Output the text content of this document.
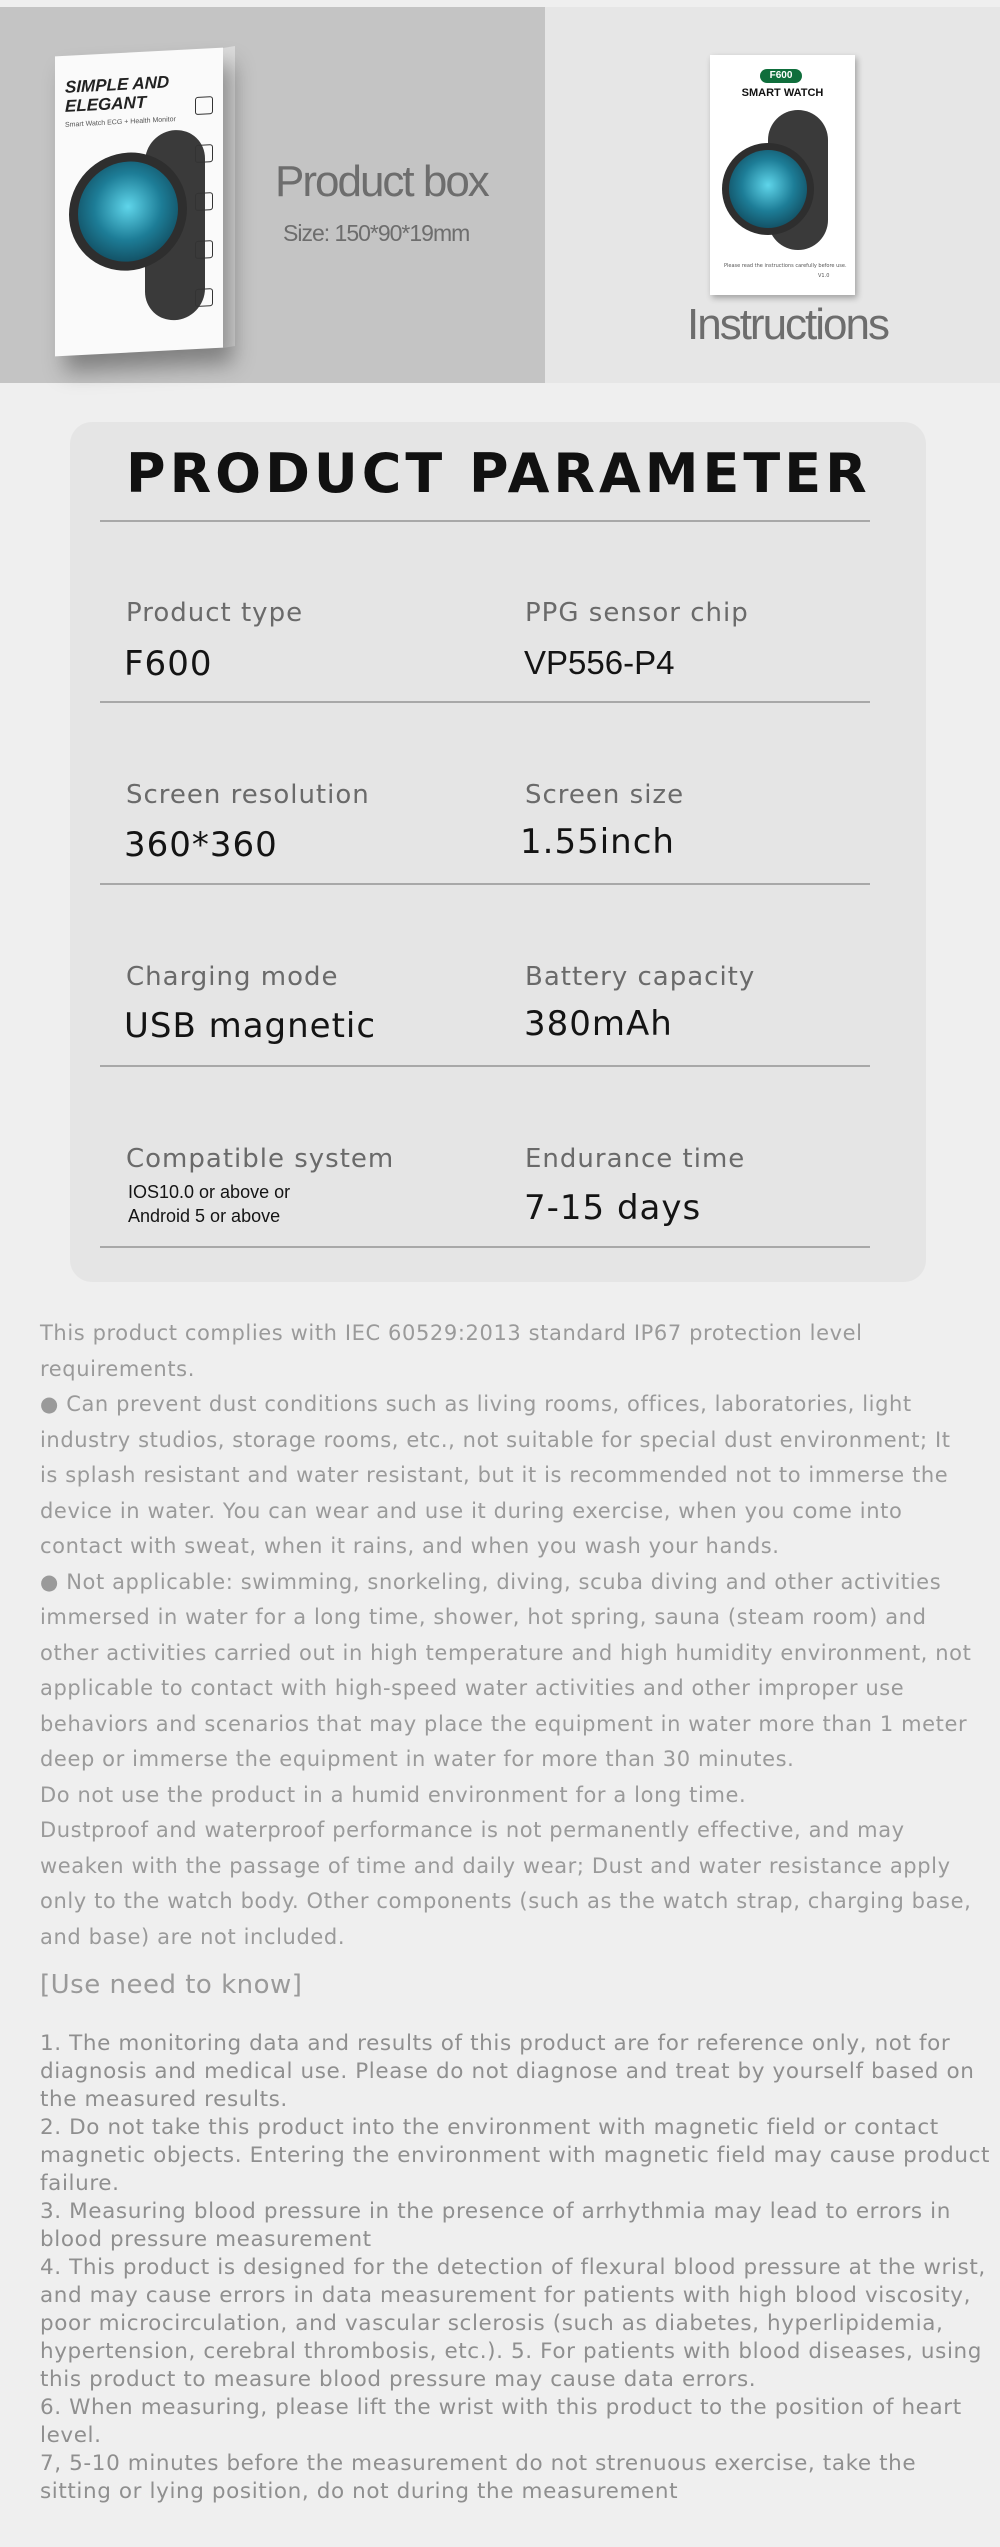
SIMPLE AND ELEGANT
Smart Watch ECG + Health Monitor
Product box
Size: 150*90*19mm
F600
SMART WATCH
Please read the instructions carefully before use.
V1.0
Instructions
PRODUCT PARAMETER
Product type
F600
PPG sensor chip
VP556-P4
Screen resolution
360*360
Screen size
1.55inch
Charging mode
USB magnetic
Battery capacity
380mAh
Compatible system
IOS10.0 or above or
Android 5 or above
Endurance time
7-15 days

This product complies with IEC 60529:2013 standard IP67 protection level requirements.

● Can prevent dust conditions such as living rooms, offices, laboratories, light industry studios, storage rooms, etc., not suitable for special dust environment; It is splash resistant and water resistant, but it is recommended not to immerse the device in water. You can wear and use it during exercise, when you come into contact with sweat, when it rains, and when you wash your hands.

● Not applicable: swimming, snorkeling, diving, scuba diving and other activities immersed in water for a long time, shower, hot spring, sauna (steam room) and other activities carried out in high temperature and high humidity environment, not applicable to contact with high-speed water activities and other improper use behaviors and scenarios that may place the equipment in water more than 1 meter deep or immerse the equipment in water for more than 30 minutes.

Do not use the product in a humid environment for a long time.

Dustproof and waterproof performance is not permanently effective, and may weaken with the passage of time and daily wear; Dust and water resistance apply only to the watch body. Other components (such as the watch strap, charging base, and base) are not included.

[Use need to know]

1. The monitoring data and results of this product are for reference only, not for diagnosis and medical use. Please do not diagnose and treat by yourself based on the measured results.

2. Do not take this product into the environment with magnetic field or contact magnetic objects. Entering the environment with magnetic field may cause product failure.

3. Measuring blood pressure in the presence of arrhythmia may lead to errors in blood pressure measurement

4. This product is designed for the detection of flexural blood pressure at the wrist, and may cause errors in data measurement for patients with high blood viscosity, poor microcirculation, and vascular sclerosis (such as diabetes, hyperlipidemia, hypertension, cerebral thrombosis, etc.). 5. For patients with blood diseases, using this product to measure blood pressure may cause data errors.

6. When measuring, please lift the wrist with this product to the position of heart level.

7, 5-10 minutes before the measurement do not strenuous exercise, take the sitting or lying position, do not during the measurement
